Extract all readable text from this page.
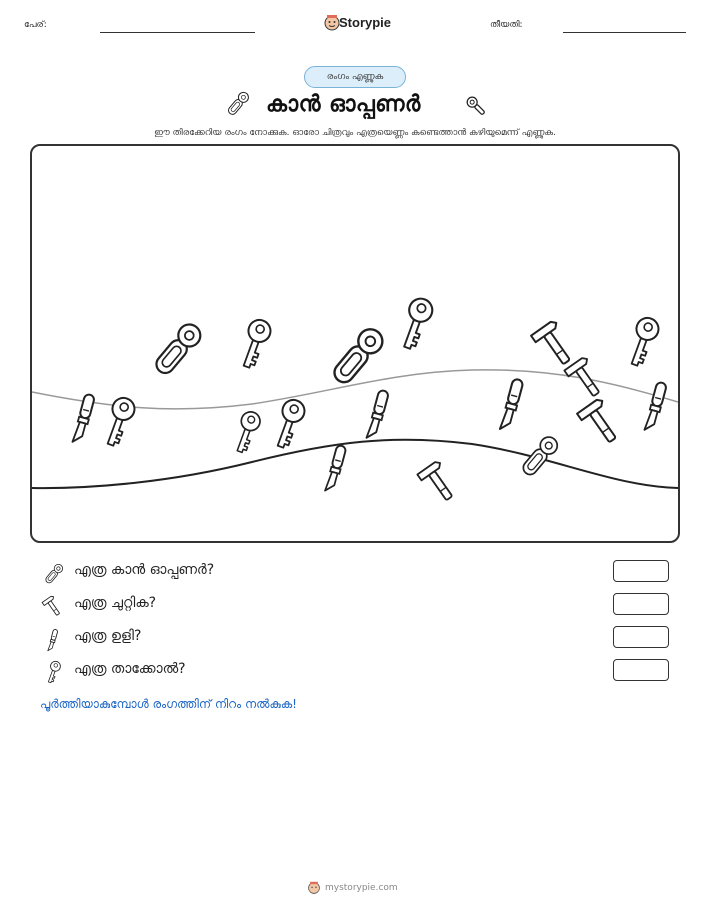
പേര്:	Storypie	തീയതി:
രംഗം എണ്ണുക
കാൻ ഓപ്പണർ
ഈ തിരക്കേറിയ രംഗം നോക്കുക. ഓരോ ചിത്രവും എത്രയെണ്ണം കണ്ടെത്താൻ കഴിയുമെന്ന് എണ്ണുക.
എത്ര കാൻ ഓപ്പണർ?
എത്ര ചുറ്റിക?
എത്ര ഉളി?
എത്ര താക്കോൽ?
പൂർത്തിയാകുമ്പോൾ രംഗത്തിന് നിറം നൽകുക!
mystorypie.com
